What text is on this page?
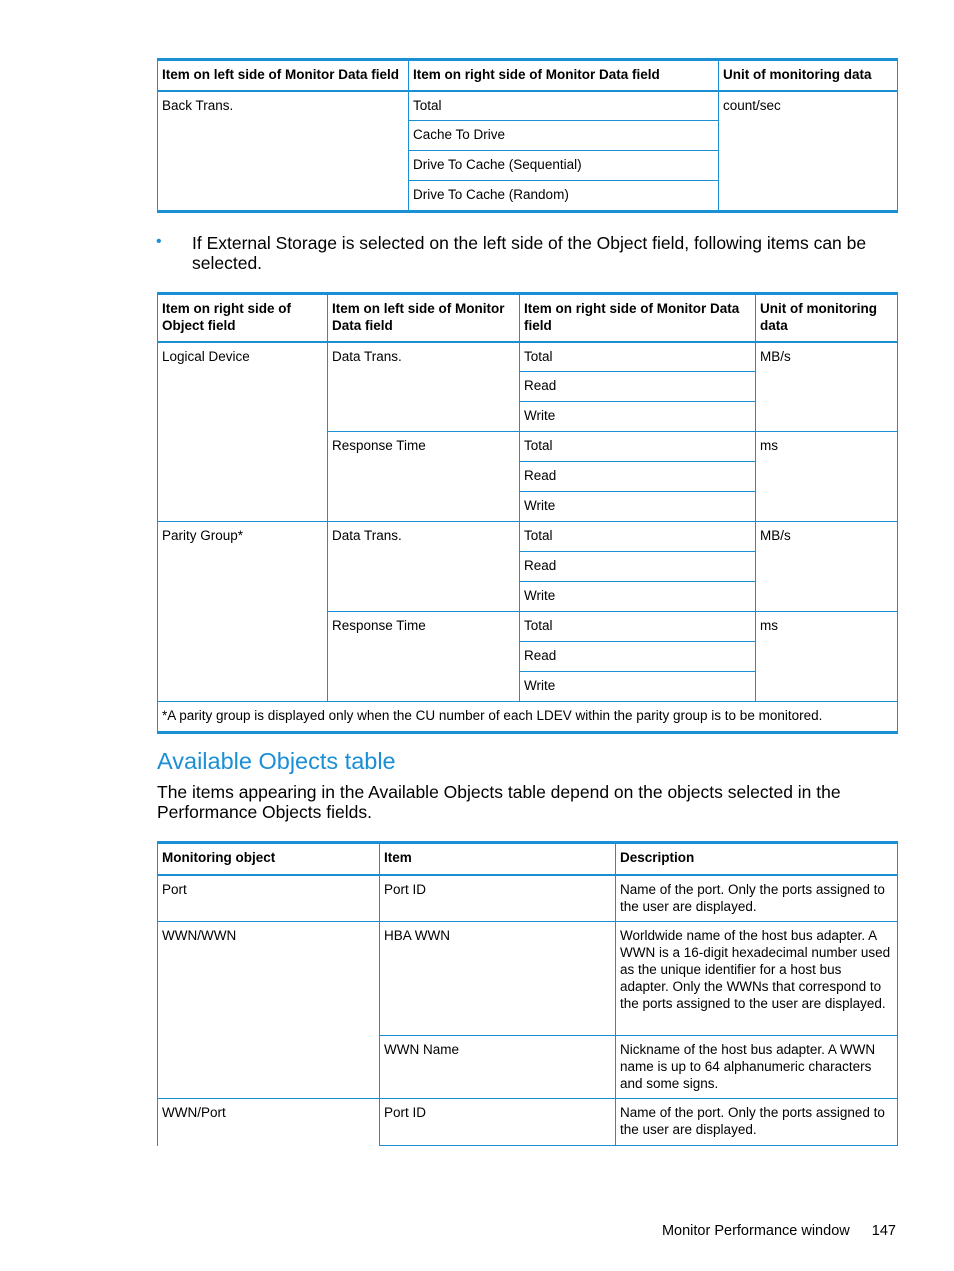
Item on left side of Monitor Data field	Item on right side of Monitor Data field	Unit of monitoring data
Back Trans.	Total	count/sec
	Cache To Drive	
	Drive To Cache (Sequential)	
	Drive To Cache (Random)	
• If External Storage is selected on the left side of the Object field, following items can be selected.
Item on right side of Object field	Item on left side of Monitor Data field	Item on right side of Monitor Data field	Unit of monitoring data
Logical Device	Data Trans.	Total	MB/s
		Read	
		Write	
	Response Time	Total	ms
		Read	
		Write	
Parity Group*	Data Trans.	Total	MB/s
		Read	
		Write	
	Response Time	Total	ms
		Read	
		Write	
*A parity group is displayed only when the CU number of each LDEV within the parity group is to be monitored.			
Available Objects table
The items appearing in the Available Objects table depend on the objects selected in the Performance Objects fields.
Monitoring object	Item	Description
Port	Port ID	Name of the port. Only the ports assigned to the user are displayed.
WWN/WWN	HBA WWN	Worldwide name of the host bus adapter. A WWN is a 16-digit hexadecimal number used as the unique identifier for a host bus adapter. Only the WWNs that correspond to the ports assigned to the user are displayed.
	WWN Name	Nickname of the host bus adapter. A WWN name is up to 64 alphanumeric characters and some signs.
WWN/Port	Port ID	Name of the port. Only the ports assigned to the user are displayed.
Monitor Performance window 147
